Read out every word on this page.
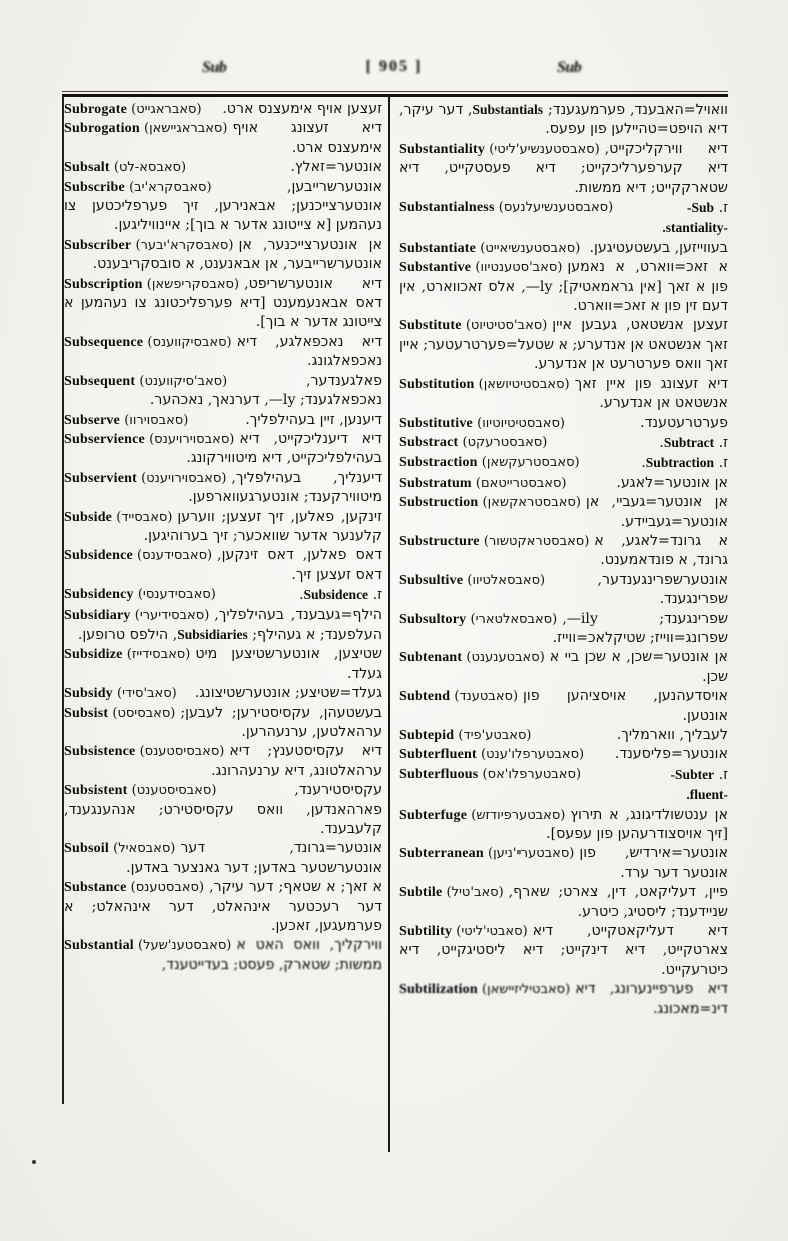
Sub	[ 905 ]	Sub

Subrogate (סאבראגייט) זעצען אויף אימעצנס ארט.

Subrogation (סאבראגיישאן) דיא זעצונג אויף אימעצנס ארט.

Subsalt (סאבסא-לט)	אונטער=זאלץ.

Subscribe (סאבסקרא'יב)	אונטערשרייבען, אונטערצייכנען; אבאנירען, זיך פערפליכטען צו נעהמען [א צייטונג אדער א בוך]; איינוויליגען.

Subscriber (סאבסקרא'יבער) אן אונטערצייכנער, אן אונטערשרייבער, אן אבאנענט, א סובסקריבענט.

Subscription (סאבסקריפשאן) דיא אונטערשריפט, דאס אבאנעמענט [דיא פערפליכטונג צו נעהמען א צייטונג אדער א בוך].

Subsequence (סאבסיקווענס) דיא נאכפאלגע, דיא נאכפאלגונג.

Subsequent (סאב'סיקווענט)	פאלגענדער, נאכפאלגענד; ly—, דערנאך, נאכהער.

Subserve (סאבסוירוו)	דיענען, זיין בעהילפליך.

Subservience (סאבסוירויענס) דיא דיענליכקייט, דיא בעהילפליכקייט, דיא מיטווירקונג.

Subservient (סאבסוירויענט) דיענליך, בעהילפליך, מיטווירקענד; אונטערגעווארפען.

Subside (סאבסייד) זינקען, פאלען, זיך זעצען; ווערען קלענער אדער שוואכער; זיך בערוהיגען.

Subsidence (סאבסידענס) דאס פאלען, דאס זינקען, דאס זעצען זיך.

Subsidency (סאבסידענסי)	ז. Subsidence.

Subsidiary (סאבסידיערי) הילף=געבענד, בעהילפליך, העלפענד; א געהילף; Subsidiaries, הילפס טרופען.

Subsidize (סאבסידייז) שטיצען, אונטערשטיצען מיט געלד.

Subsidy (סאב'סידי) געלד=שטיצע; אונטערשטיצונג.

Subsist (סאבסיסט) בעשטעהן, עקסיסטירען; לעבען; ערהאלטען, ערנעהרען.

Subsistence (סאבסיסטענס) דיא עקסיסטענץ; דיא ערהאלטונג, דיא ערנעהרונג.

Subsistent (סאבסיסטענט)	עקסיסטירענד, פארהאנדען, וואס עקסיסטירט; אנהענגענד, קלעבענד.

Subsoil (סאבסאיל) אונטער=גרונד, דער אונטערשטער באדען; דער גאנצער באדען.

Substance (סאבסטענס) א זאך; א שטאף; דער עיקר, דער רעכטער אינהאלט, דער אינהאלט; א פערמעגען, זאכען.

Substantial (סאבסטענ'שעל) ווירקליך, וואס האט א ממשות; שטארק, פעסט; בעדייטענד,

וואויל=האבענד, פערמעגענד; Substantials, דער עיקר, דיא הויפט=טהיילען פון עפעס.

Substantiality (סאבסטענשיע'ליטי) דיא ווירקליכקייט, דיא קערפערליכקייט; דיא פעסטקייט, דיא שטארקקייט; דיא ממשות.

Substantialness (סאבסטענשיעלנעס)	ז. Sub-
-stantiality.

Substantiate (סאבסטענשיאייט) בעווייזען, בעשטעטיגען.

Substantive (סאב'סטענטיוו) א זאכ=ווארט, א נאמען פון א זאך [אין גראמאטיק]; ly—, אלס זאכווארט, אין דעם זין פון א זאכ=ווארט.

Substitute (סאב'סטיטיוט) זעצען אנשטאט, געבען איין זאך אנשטאט אן אנדערע; א שטעל=פערטרעטער; איין זאך וואס פערטרעט אן אנדערע.

Substitution (סאבסטיטיושאן) דיא זעצונג פון איין זאך אנשטאט אן אנדערע.

Substitutive (סאבסטיטיוטיוו)	פערטרעטענד.

Substract (סאבסטרעקט)	ז. Subtract.

Substraction (סאבסטרעקשאן)	ז. Subtraction.

Substratum (סאבסטרייטאם)	אן אונטער=לאגע.

Substruction (סאבסטראקשאן) אן אונטער=געביי, אן אונטער=געביידע.

Substructure (סאבסטראקטשור) א גרונד=לאגע, א גרונד, א פונדאמענט.

Subsultive (סאבסאלטיוו)	אונטערשפרינגענדער, שפרינגענד.

Subsultory (סאבסאלטארי) שפרינגענד; ily—, שפרונג=ווייז; שטיקלאכ=ווייז.

Subtenant (סאבטענענט) אן אונטער=שכן, א שכן ביי א שכן.

Subtend (סאבטענד) אויסדעהנען, אויסציהען פון אונטען.

Subtepid (סאבטע'פיד)	לעבליך, ווארמליך.

Subterfluent (סאבטערפלו'ענט) אונטער=פליסענד.

Subterfluous (סאבטערפלו'אס)	ז. Subter-
-fluent.

Subterfuge (סאבטערפיודזש) אן ענטשולדיגונג, א תירוץ [זיך אויסצודרעהען פון עפעס].

Subterranean (סאבטערײ'ניען) אונטער=אירדיש, פון אונטער דער ערד.

Subtile (סאב'טיל) פיין, דעליקאט, דין, צארט; שארף, שניידענד; ליסטיג, כיטרע.

Subtility (סאבטי'ליטי) דיא דעליקאטקייט, דיא צארטקייט, דיא דינקייט; דיא ליסטיגקייט, דיא כיטרעקייט.

Subtilization (סאבטיליזיישאן) דיא פערפיינערונג, דיא דינ=מאכונג.
